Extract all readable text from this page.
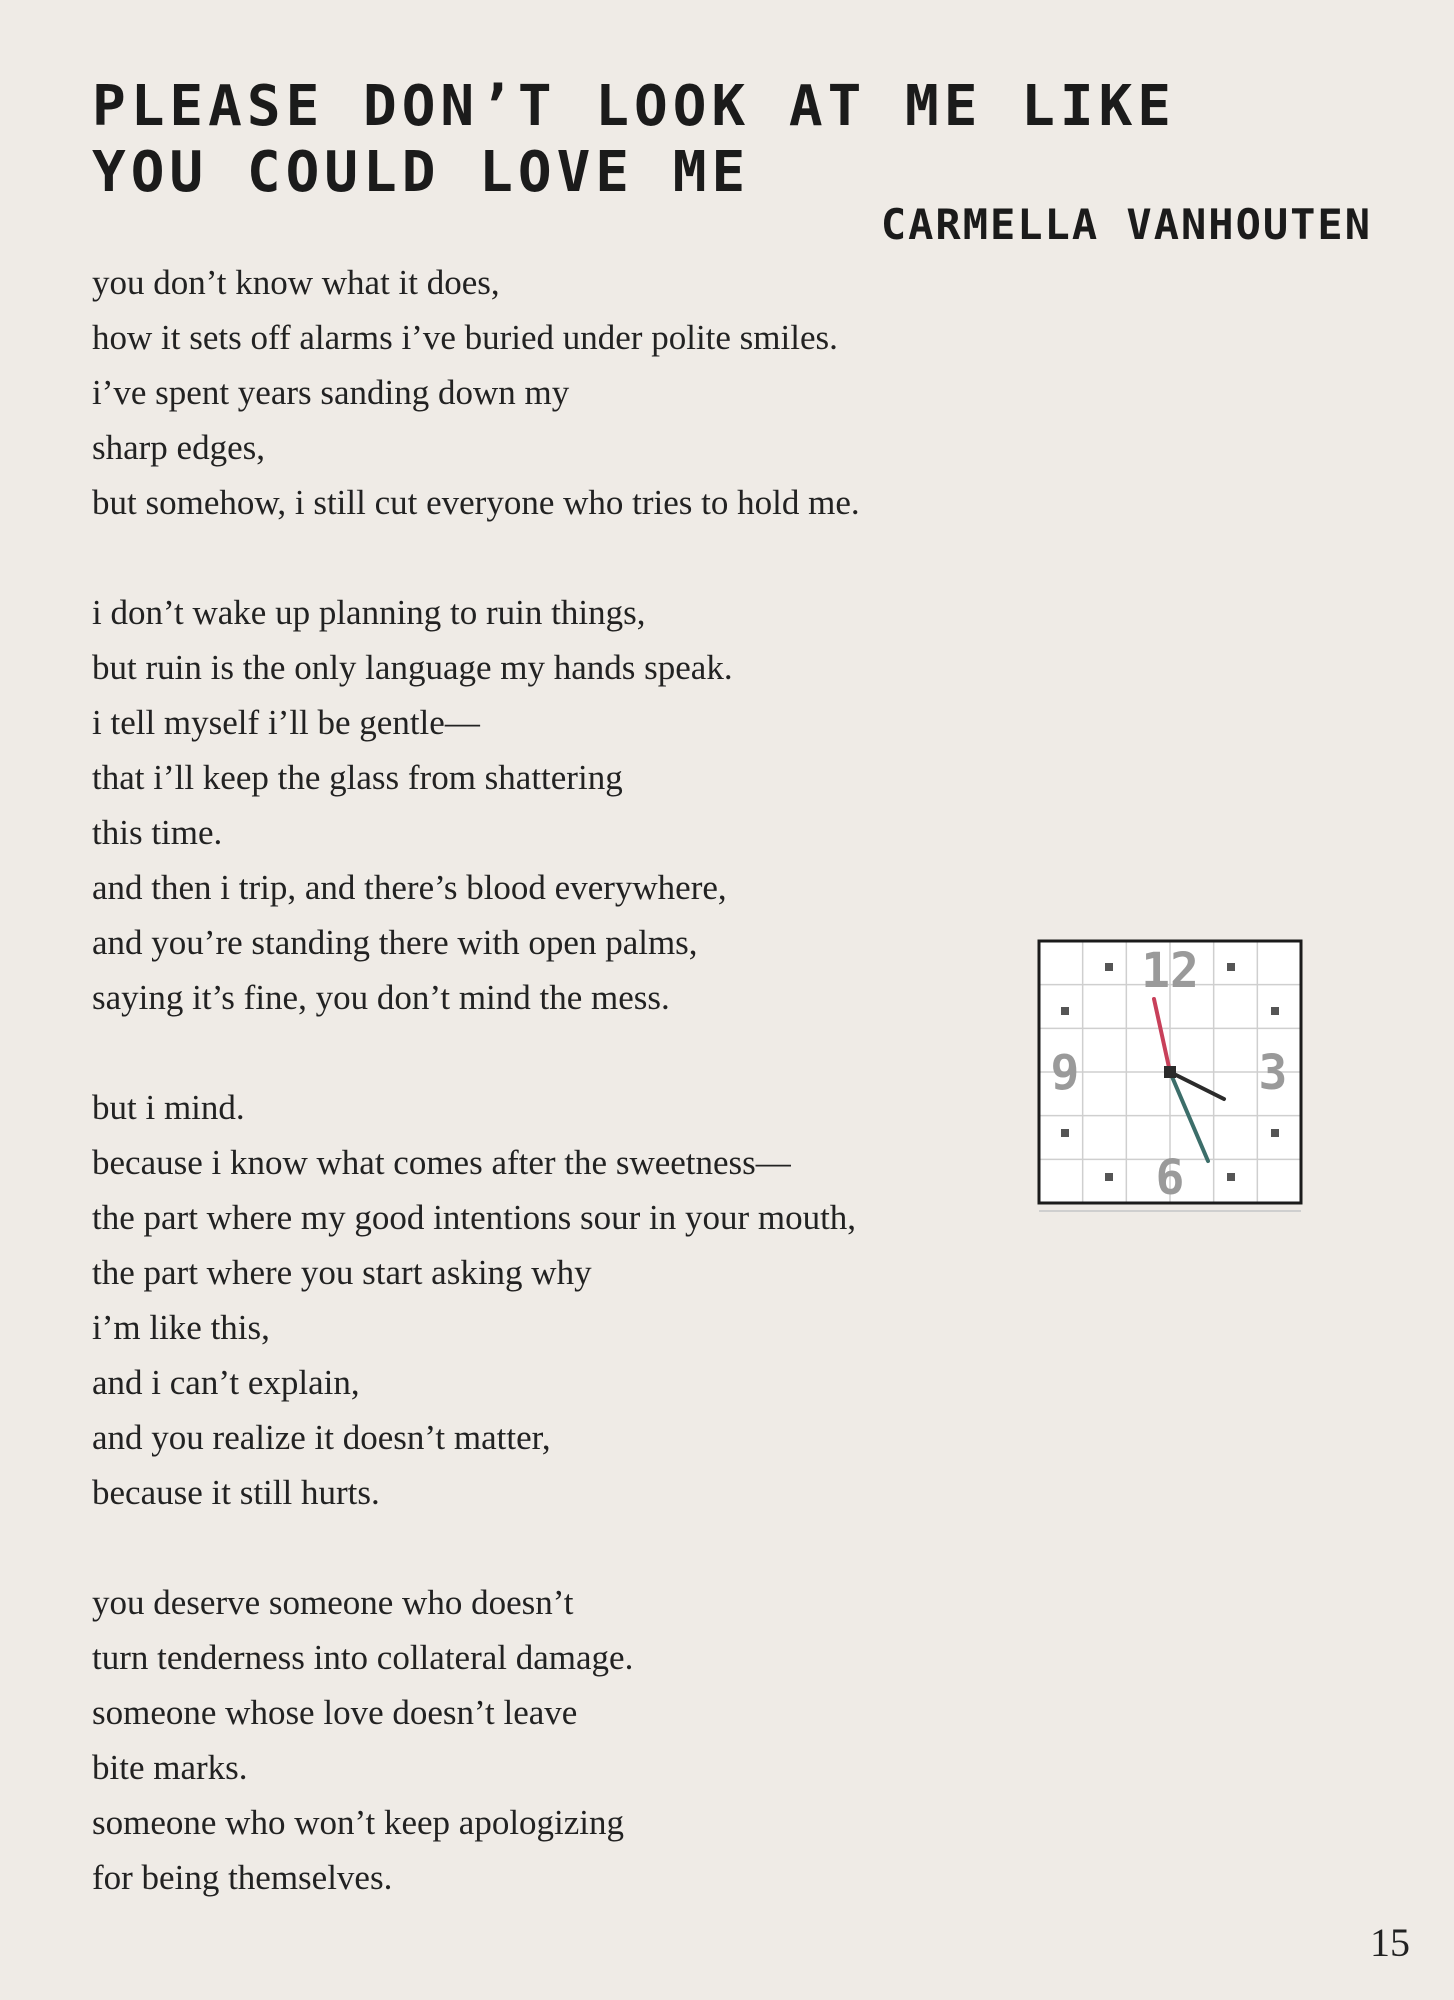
PLEASE DON’T LOOK AT ME LIKE
YOU COULD LOVE ME
CARMELLA VANHOUTEN
you don’t know what it does,
how it sets off alarms i’ve buried under polite smiles.
i’ve spent years sanding down my
sharp edges,
but somehow, i still cut everyone who tries to hold me.
i don’t wake up planning to ruin things,
but ruin is the only language my hands speak.
i tell myself i’ll be gentle—
that i’ll keep the glass from shattering
this time.
and then i trip, and there’s blood everywhere,
and you’re standing there with open palms,
saying it’s fine, you don’t mind the mess.
but i mind.
because i know what comes after the sweetness—
the part where my good intentions sour in your mouth,
the part where you start asking why
i’m like this,
and i can’t explain,
and you realize it doesn’t matter,
because it still hurts.
you deserve someone who doesn’t
turn tenderness into collateral damage.
someone whose love doesn’t leave
bite marks.
someone who won’t keep apologizing
for being themselves.
12
3
6
9
15
